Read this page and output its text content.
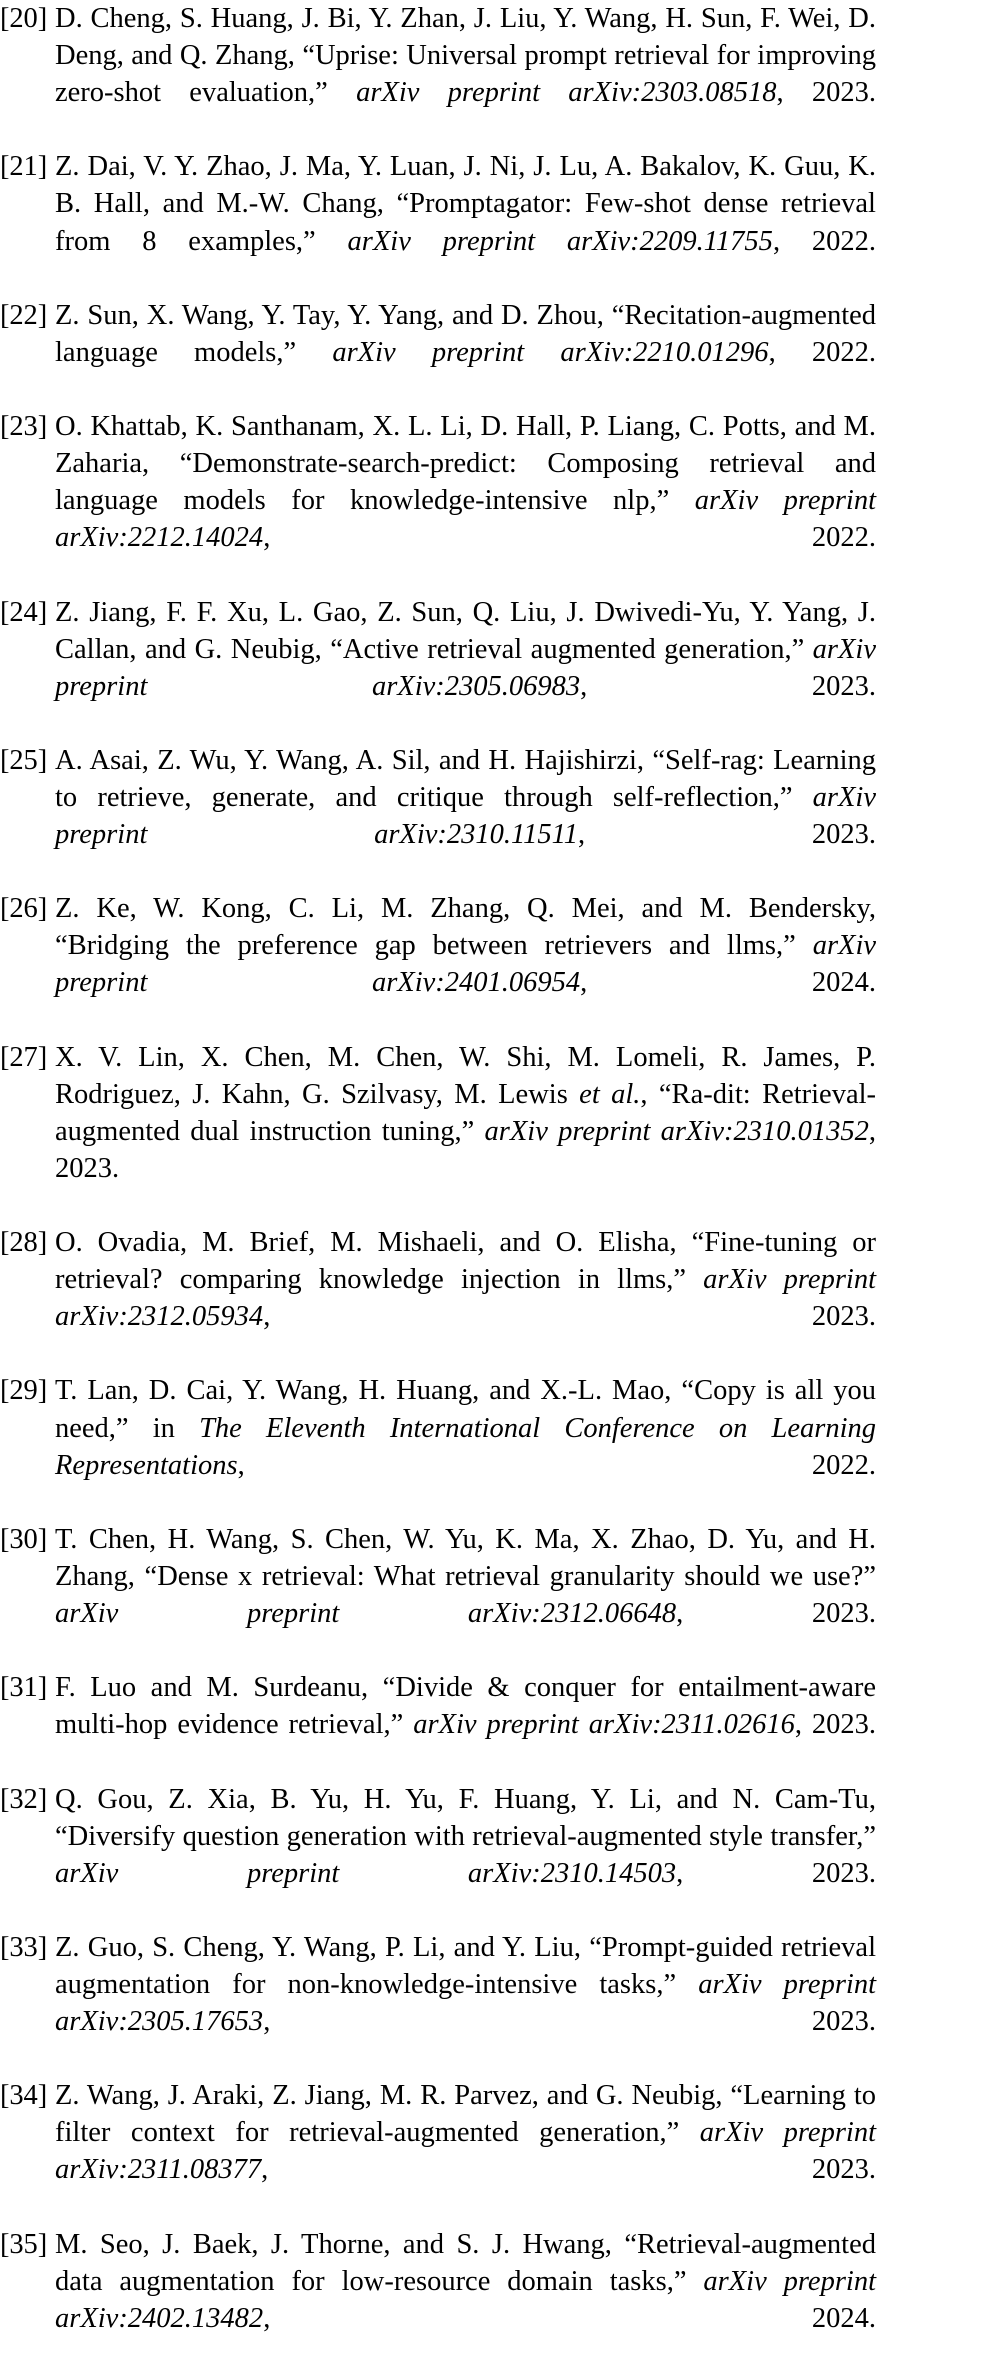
[20] D. Cheng, S. Huang, J. Bi, Y. Zhan, J. Liu, Y. Wang, H. Sun, F. Wei, D. Deng, and Q. Zhang, “Uprise: Universal prompt retrieval for improving zero-shot evaluation,” arXiv preprint arXiv:2303.08518, 2023.
[21] Z. Dai, V. Y. Zhao, J. Ma, Y. Luan, J. Ni, J. Lu, A. Bakalov, K. Guu, K. B. Hall, and M.-W. Chang, “Promptagator: Few-shot dense retrieval from 8 examples,” arXiv preprint arXiv:2209.11755, 2022.
[22] Z. Sun, X. Wang, Y. Tay, Y. Yang, and D. Zhou, “Recitation-augmented language models,” arXiv preprint arXiv:2210.01296, 2022.
[23] O. Khattab, K. Santhanam, X. L. Li, D. Hall, P. Liang, C. Potts, and M. Zaharia, “Demonstrate-search-predict: Composing retrieval and language models for knowledge-intensive nlp,” arXiv preprint arXiv:2212.14024, 2022.
[24] Z. Jiang, F. F. Xu, L. Gao, Z. Sun, Q. Liu, J. Dwivedi-Yu, Y. Yang, J. Callan, and G. Neubig, “Active retrieval augmented generation,” arXiv preprint arXiv:2305.06983, 2023.
[25] A. Asai, Z. Wu, Y. Wang, A. Sil, and H. Hajishirzi, “Self-rag: Learning to retrieve, generate, and critique through self-reflection,” arXiv preprint arXiv:2310.11511, 2023.
[26] Z. Ke, W. Kong, C. Li, M. Zhang, Q. Mei, and M. Bendersky, “Bridging the preference gap between retrievers and llms,” arXiv preprint arXiv:2401.06954, 2024.
[27] X. V. Lin, X. Chen, M. Chen, W. Shi, M. Lomeli, R. James, P. Rodriguez, J. Kahn, G. Szilvasy, M. Lewis et al., “Ra-dit: Retrieval-augmented dual instruction tuning,” arXiv preprint arXiv:2310.01352, 2023.
[28] O. Ovadia, M. Brief, M. Mishaeli, and O. Elisha, “Fine-tuning or retrieval? comparing knowledge injection in llms,” arXiv preprint arXiv:2312.05934, 2023.
[29] T. Lan, D. Cai, Y. Wang, H. Huang, and X.-L. Mao, “Copy is all you need,” in The Eleventh International Conference on Learning Representations, 2022.
[30] T. Chen, H. Wang, S. Chen, W. Yu, K. Ma, X. Zhao, D. Yu, and H. Zhang, “Dense x retrieval: What retrieval granularity should we use?” arXiv preprint arXiv:2312.06648, 2023.
[31] F. Luo and M. Surdeanu, “Divide & conquer for entailment-aware multi-hop evidence retrieval,” arXiv preprint arXiv:2311.02616, 2023.
[32] Q. Gou, Z. Xia, B. Yu, H. Yu, F. Huang, Y. Li, and N. Cam-Tu, “Diversify question generation with retrieval-augmented style transfer,” arXiv preprint arXiv:2310.14503, 2023.
[33] Z. Guo, S. Cheng, Y. Wang, P. Li, and Y. Liu, “Prompt-guided retrieval augmentation for non-knowledge-intensive tasks,” arXiv preprint arXiv:2305.17653, 2023.
[34] Z. Wang, J. Araki, Z. Jiang, M. R. Parvez, and G. Neubig, “Learning to filter context for retrieval-augmented generation,” arXiv preprint arXiv:2311.08377, 2023.
[35] M. Seo, J. Baek, J. Thorne, and S. J. Hwang, “Retrieval-augmented data augmentation for low-resource domain tasks,” arXiv preprint arXiv:2402.13482, 2024.
